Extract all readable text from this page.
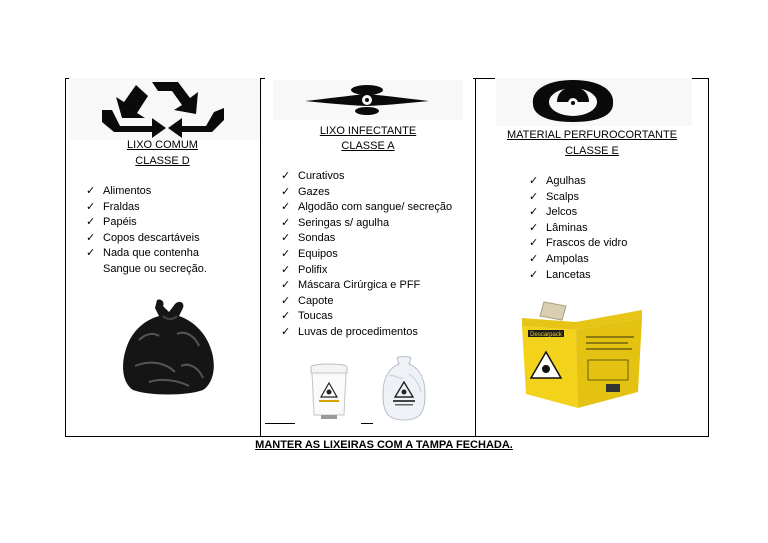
LIXO COMUM
CLASSE D
✓ Alimentos
✓ Fraldas
✓ Papéis
✓ Copos descartáveis
✓ Nada que contenha
Sangue ou secreção.
LIXO INFECTANTE
CLASSE A
✓ Curativos
✓ Gazes
✓ Algodão com sangue/ secreção
✓ Seringas s/ agulha
✓ Sondas
✓ Equipos
✓ Polifix
✓ Máscara Cirúrgica e PFF
✓ Capote
✓ Toucas
✓ Luvas de procedimentos
MATERIAL PERFUROCORTANTE
CLASSE E
✓ Agulhas
✓ Scalps
✓ Jelcos
✓ Lâminas
✓ Frascos de vidro
✓ Ampolas
✓ Lancetas
Descarpack
MANTER AS LIXEIRAS COM A TAMPA FECHADA.
